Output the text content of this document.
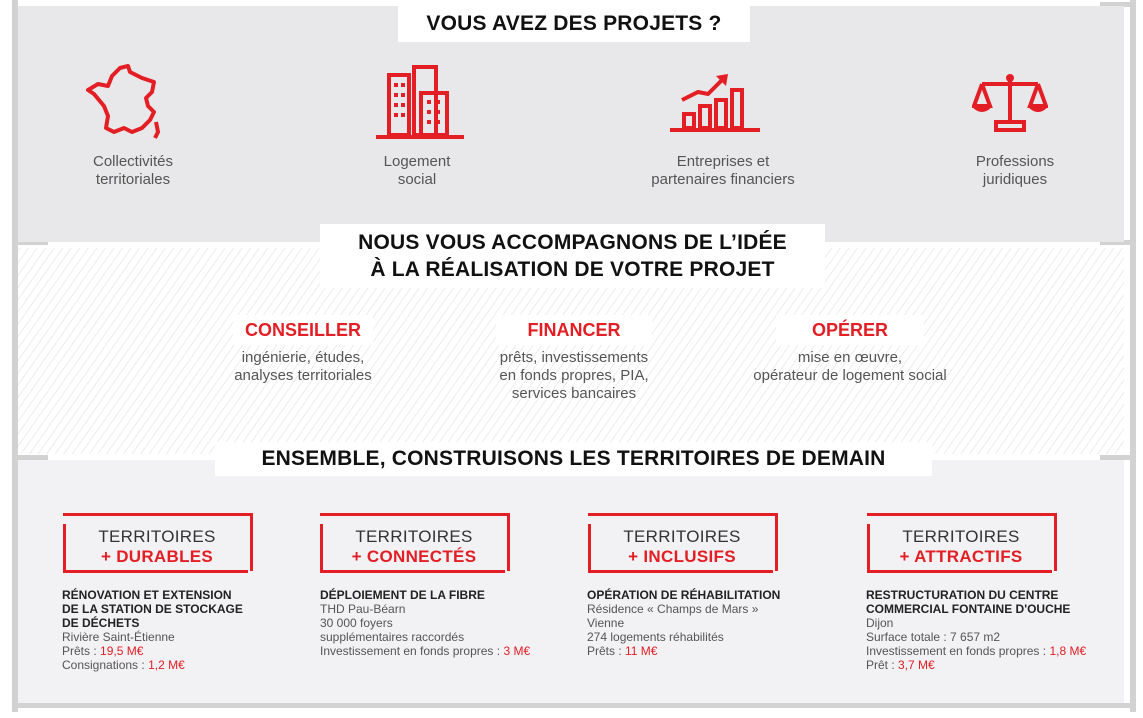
VOUS AVEZ DES PROJETS ?
Collectivités
territoriales
Logement
social
Entreprises et
partenaires financiers
Professions
juridiques
NOUS VOUS ACCOMPAGNONS DE L’IDÉE
À LA RÉALISATION DE VOTRE PROJET
CONSEILLER	FINANCER	OPÉRER
ingénierie, études,
analyses territoriales
prêts, investissements
en fonds propres, PIA,
services bancaires
mise en œuvre,
opérateur de logement social
ENSEMBLE, CONSTRUISONS LES TERRITOIRES DE DEMAIN
TERRITOIRES
+ DURABLES
TERRITOIRES
+ CONNECTÉS
TERRITOIRES
+ INCLUSIFS
TERRITOIRES
+ ATTRACTIFS
RÉNOVATION ET EXTENSION
DE LA STATION DE STOCKAGE
DE DÉCHETS
Rivière Saint-Étienne
Prêts : 19,5 M€
Consignations : 1,2 M€
DÉPLOIEMENT DE LA FIBRE
THD Pau-Béarn
30 000 foyers
supplémentaires raccordés
Investissement en fonds propres : 3 M€
OPÉRATION DE RÉHABILITATION
Résidence « Champs de Mars »
Vienne
274 logements réhabilités
Prêts : 11 M€
RESTRUCTURATION DU CENTRE
COMMERCIAL FONTAINE D'OUCHE
Dijon
Surface totale : 7 657 m2
Investissement en fonds propres : 1,8 M€
Prêt : 3,7 M€
